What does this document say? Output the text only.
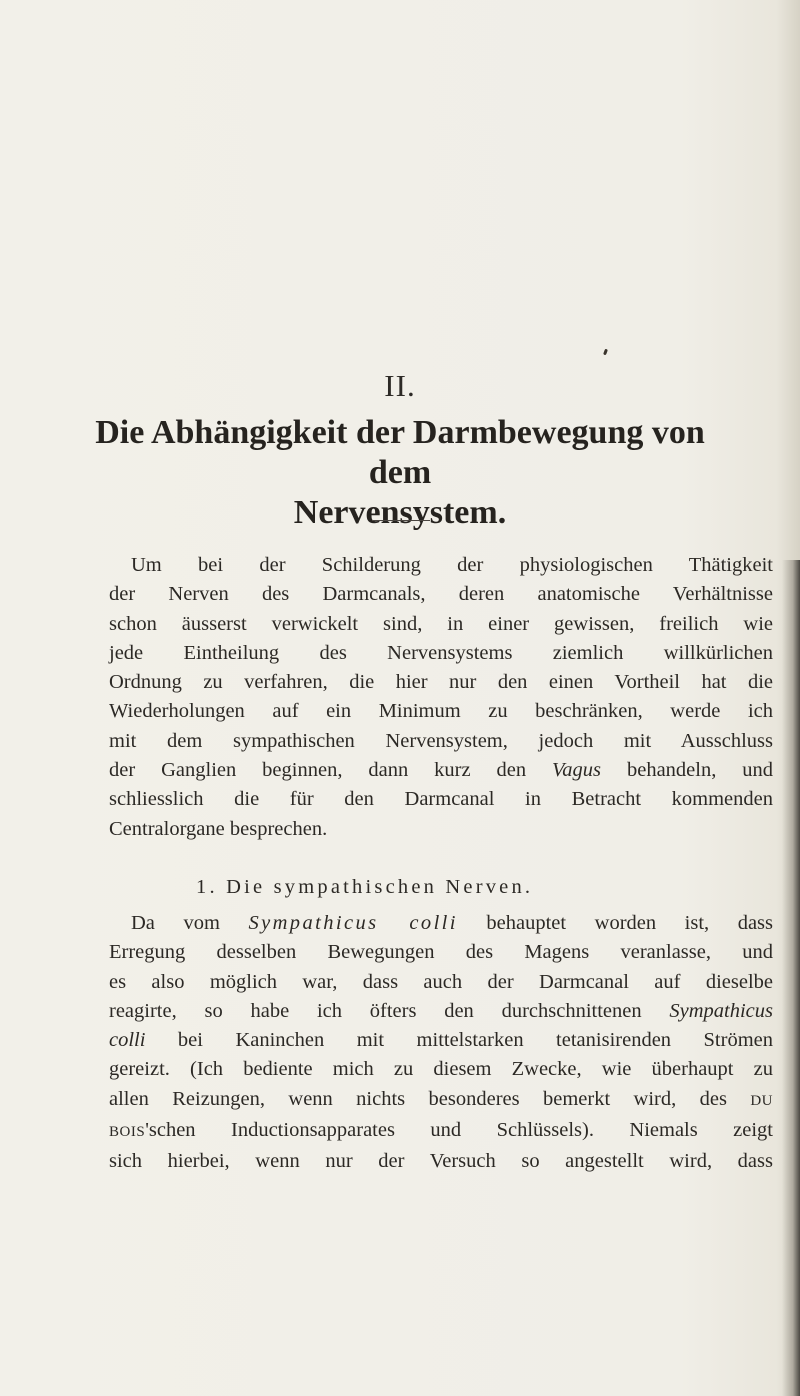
II.
Die Abhängigkeit der Darmbewegung von dem
Nervensystem.
Um bei der Schilderung der physiologischen Thätigkeit
der Nerven des Darmcanals, deren anatomische Verhältnisse
schon äusserst verwickelt sind, in einer gewissen, freilich wie
jede Eintheilung des Nervensystems ziemlich willkürlichen
Ordnung zu verfahren, die hier nur den einen Vortheil hat die
Wiederholungen auf ein Minimum zu beschränken, werde ich
mit dem sympathischen Nervensystem, jedoch mit Ausschluss
der Ganglien beginnen, dann kurz den Vagus behandeln, und
schliesslich die für den Darmcanal in Betracht kommenden
Centralorgane besprechen.
1. Die sympathischen Nerven.
Da vom Sympathicus colli behauptet worden ist, dass
Erregung desselben Bewegungen des Magens veranlasse, und
es also möglich war, dass auch der Darmcanal auf dieselbe
reagirte, so habe ich öfters den durchschnittenen Sympathicus
colli bei Kaninchen mit mittelstarken tetanisirenden Strömen
gereizt. (Ich bediente mich zu diesem Zwecke, wie überhaupt zu
allen Reizungen, wenn nichts besonderes bemerkt wird, des DU
BOIS'schen Inductionsapparates und Schlüssels). Niemals zeigt
sich hierbei, wenn nur der Versuch so angestellt wird, dass
